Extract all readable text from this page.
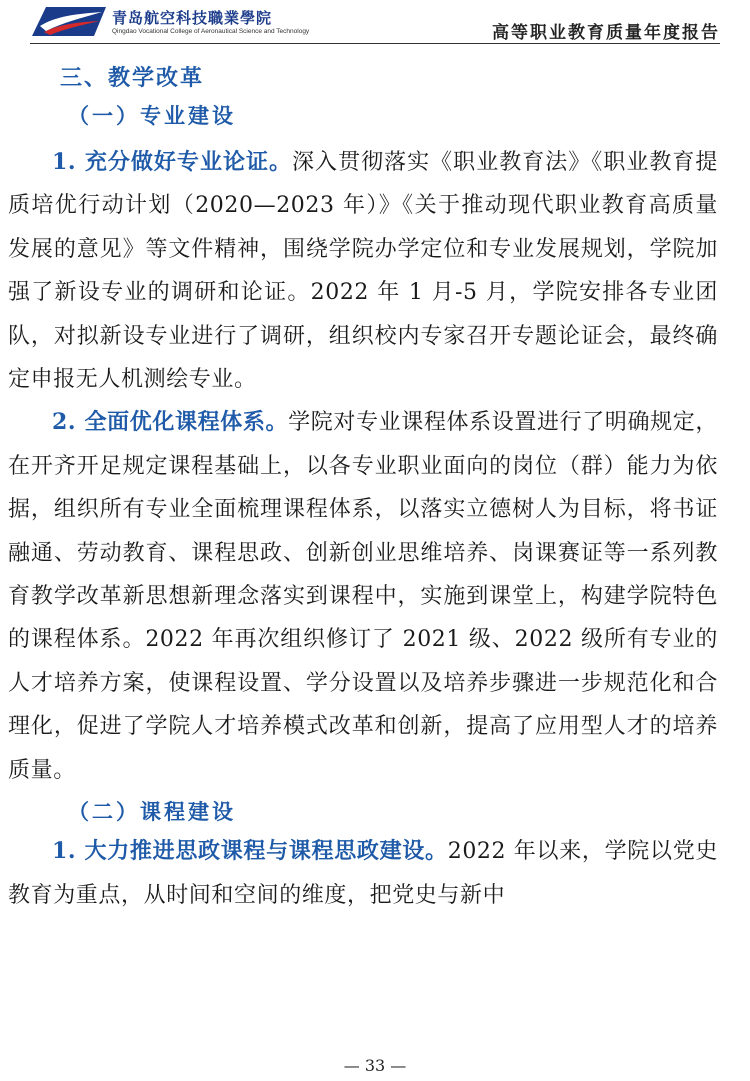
青岛航空科技職業學院
Qingdao Vocational College of Aeronautical Science and Technology	高等职业教育质量年度报告
三、教学改革
（一）专业建设

1. 充分做好专业论证。深入贯彻落实《职业教育法》《职业教育提质培优行动计划（2020—2023 年）》《关于推动现代职业教育高质量发展的意见》等文件精神，围绕学院办学定位和专业发展规划，学院加强了新设专业的调研和论证。2022 年 1 月-5 月，学院安排各专业团队，对拟新设专业进行了调研，组织校内专家召开专题论证会，最终确定申报无人机测绘专业。

2. 全面优化课程体系。学院对专业课程体系设置进行了明确规定，在开齐开足规定课程基础上，以各专业职业面向的岗位（群）能力为依据，组织所有专业全面梳理课程体系，以落实立德树人为目标，将书证融通、劳动教育、课程思政、创新创业思维培养、岗课赛证等一系列教育教学改革新思想新理念落实到课程中，实施到课堂上，构建学院特色的课程体系。2022 年再次组织修订了 2021 级、2022 级所有专业的人才培养方案，使课程设置、学分设置以及培养步骤进一步规范化和合理化，促进了学院人才培养模式改革和创新，提高了应用型人才的培养质量。

（二）课程建设

1. 大力推进思政课程与课程思政建设。2022 年以来，学院以党史教育为重点，从时间和空间的维度，把党史与新中

— 33 —
